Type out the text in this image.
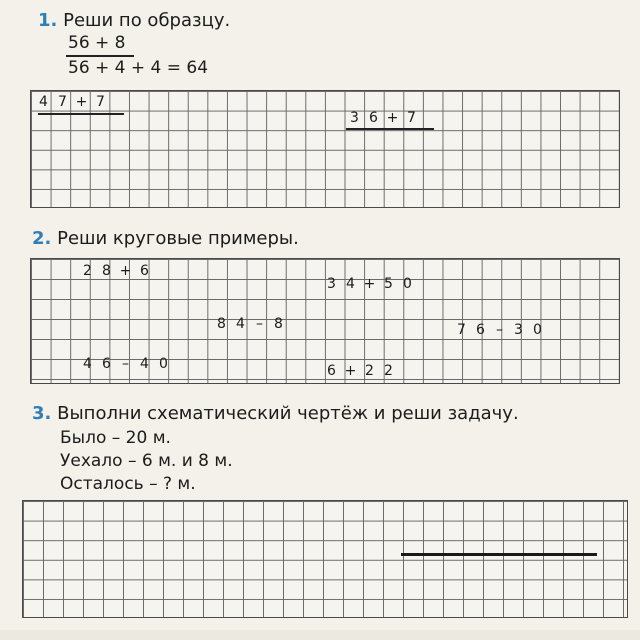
1. Реши по образцу.
56 + 8
56 + 4 + 4 = 64
4 7 + 7
3 6 + 7
2. Реши круговые примеры.
2 8 + 6
3 4 + 5 0
8 4 – 8	7 6 – 3 0
4 6 – 4 0	6 + 2 2
3. Выполни схематический чертёж и реши задачу.
Было – 20 м.
Уехало – 6 м. и 8 м.
Осталось – ? м.
